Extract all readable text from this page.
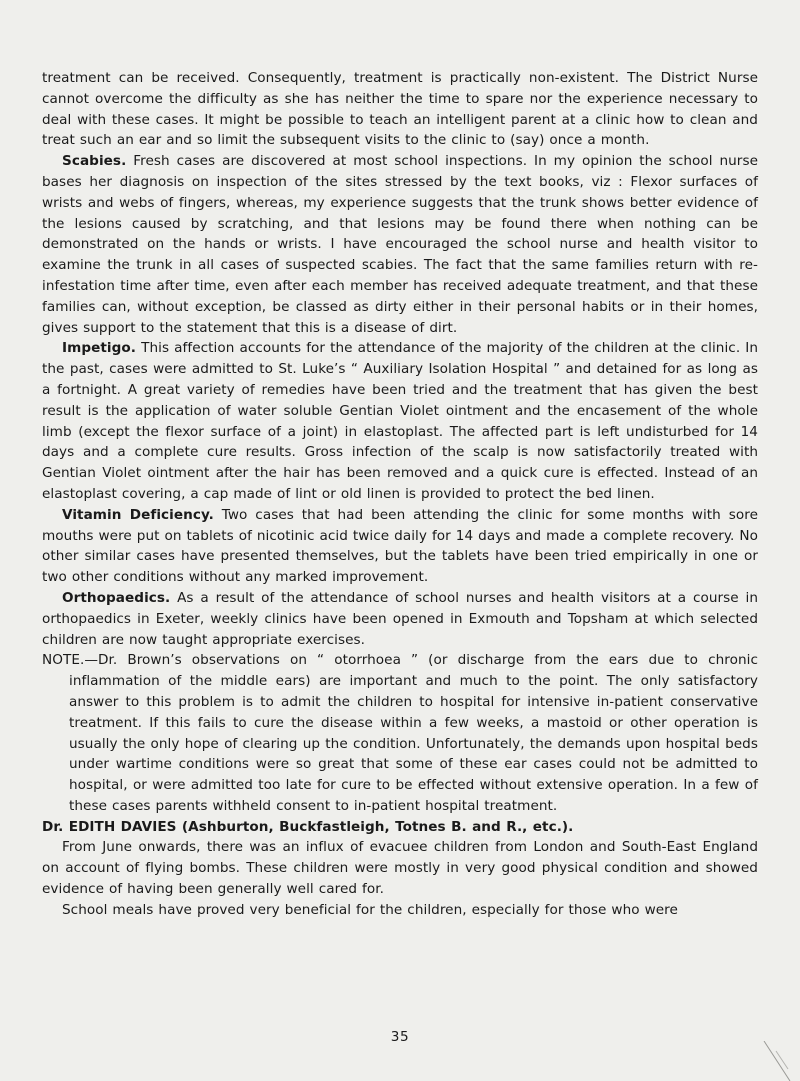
treatment can be received. Consequently, treatment is practically non-existent. The District Nurse cannot overcome the difficulty as she has neither the time to spare nor the experience necessary to deal with these cases. It might be possible to teach an intelligent parent at a clinic how to clean and treat such an ear and so limit the subsequent visits to the clinic to (say) once a month.

Scabies. Fresh cases are discovered at most school inspections. In my opinion the school nurse bases her diagnosis on inspection of the sites stressed by the text books, viz : Flexor surfaces of wrists and webs of fingers, whereas, my experience suggests that the trunk shows better evidence of the lesions caused by scratching, and that lesions may be found there when nothing can be demonstrated on the hands or wrists. I have encouraged the school nurse and health visitor to examine the trunk in all cases of suspected scabies. The fact that the same families return with re-infestation time after time, even after each member has received adequate treatment, and that these families can, without exception, be classed as dirty either in their personal habits or in their homes, gives support to the statement that this is a disease of dirt.

Impetigo. This affection accounts for the attendance of the majority of the children at the clinic. In the past, cases were admitted to St. Luke’s “ Auxiliary Isolation Hospital ” and detained for as long as a fortnight. A great variety of remedies have been tried and the treatment that has given the best result is the application of water soluble Gentian Violet ointment and the encasement of the whole limb (except the flexor surface of a joint) in elastoplast. The affected part is left undisturbed for 14 days and a complete cure results. Gross infection of the scalp is now satisfactorily treated with Gentian Violet ointment after the hair has been removed and a quick cure is effected. Instead of an elastoplast covering, a cap made of lint or old linen is provided to protect the bed linen.

Vitamin Deficiency. Two cases that had been attending the clinic for some months with sore mouths were put on tablets of nicotinic acid twice daily for 14 days and made a complete recovery. No other similar cases have presented themselves, but the tablets have been tried empirically in one or two other conditions without any marked improvement.

Orthopaedics. As a result of the attendance of school nurses and health visitors at a course in orthopaedics in Exeter, weekly clinics have been opened in Exmouth and Topsham at which selected children are now taught appropriate exercises.

NOTE.—Dr. Brown’s observations on “ otorrhoea ” (or discharge from the ears due to chronic inflammation of the middle ears) are important and much to the point. The only satisfactory answer to this problem is to admit the children to hospital for intensive in-patient conservative treatment. If this fails to cure the disease within a few weeks, a mastoid or other operation is usually the only hope of clearing up the condition. Unfortunately, the demands upon hospital beds under wartime conditions were so great that some of these ear cases could not be admitted to hospital, or were admitted too late for cure to be effected without extensive operation. In a few of these cases parents withheld consent to in-patient hospital treatment.

Dr. EDITH DAVIES (Ashburton, Buckfastleigh, Totnes B. and R., etc.).

From June onwards, there was an influx of evacuee children from London and South-East England on account of flying bombs. These children were mostly in very good physical condition and showed evidence of having been generally well cared for.

School meals have proved very beneficial for the children, especially for those who were

35
